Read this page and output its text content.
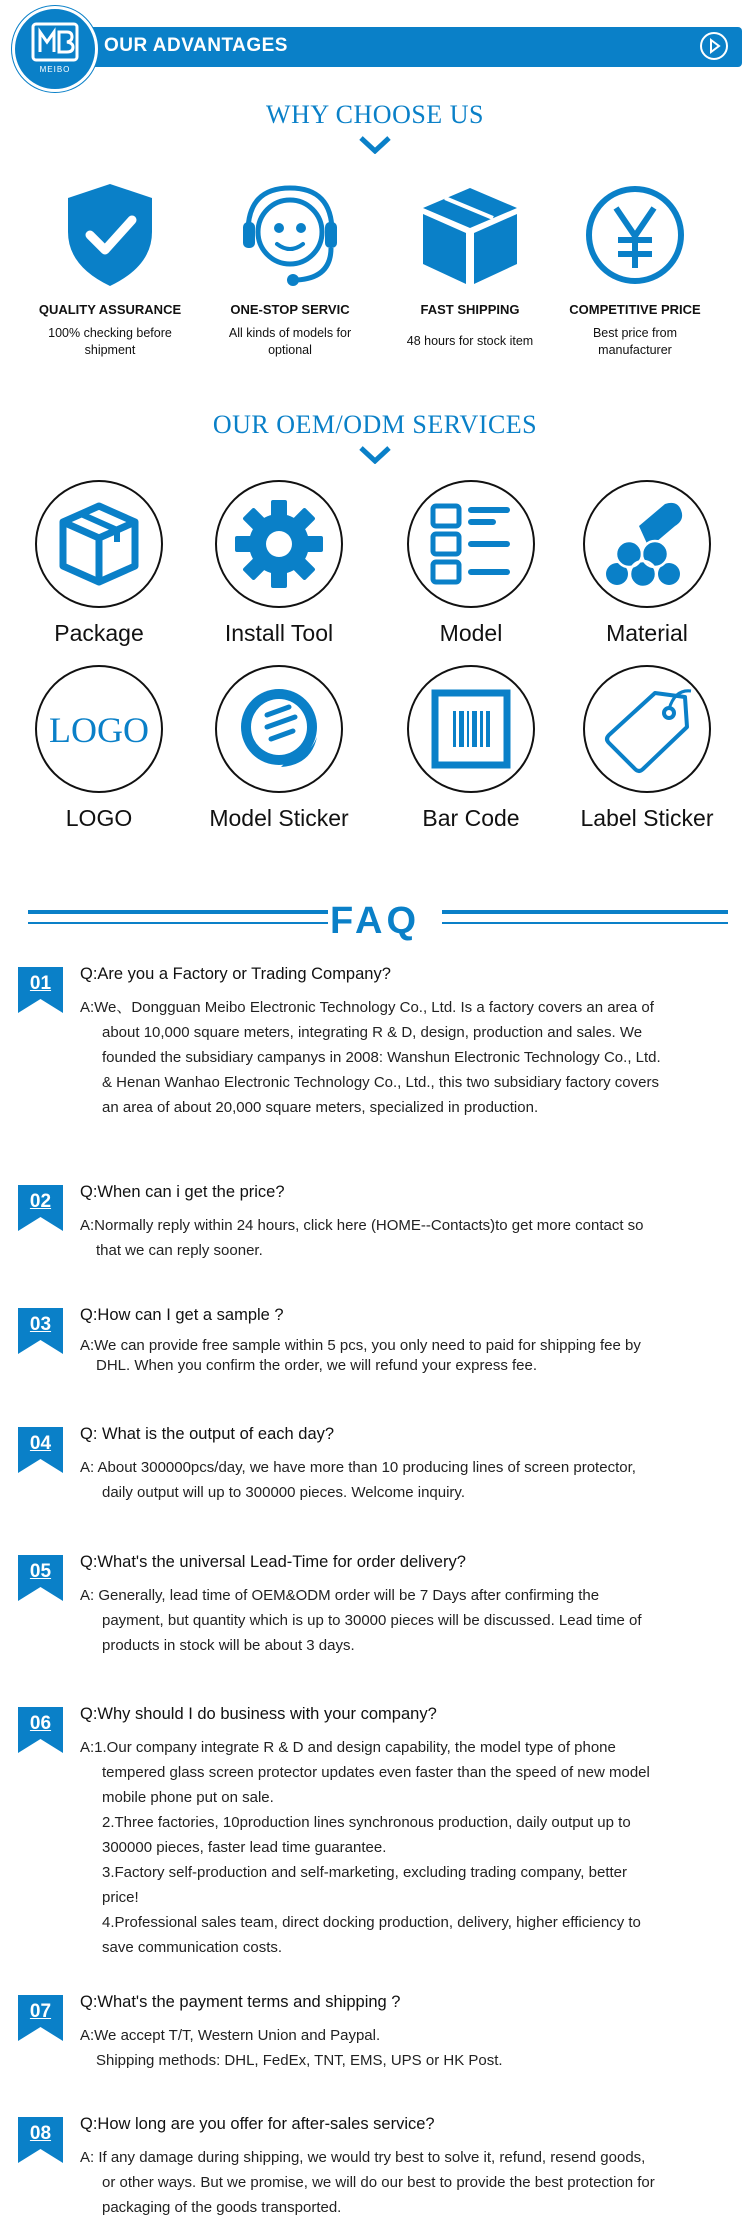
OUR ADVANTAGES
MEIBO
WHY CHOOSE US
QUALITY ASSURANCE
100% checking before shipment
ONE-STOP SERVIC
All kinds of models for optional
FAST SHIPPING
48 hours for stock item
COMPETITIVE PRICE
Best price from manufacturer
OUR OEM/ODM SERVICES
Package	Install Tool	Model	Material
LOGO
LOGO	Model Sticker	Bar Code	Label Sticker
FAQ
01	Q:Are you a Factory or Trading Company?

A:We、Dongguan Meibo Electronic Technology Co., Ltd. Is a factory covers an area of

about 10,000 square meters, integrating R & D, design, production and sales. We

founded the subsidiary campanys in 2008: Wanshun Electronic Technology Co., Ltd.

& Henan Wanhao Electronic Technology Co., Ltd., this two subsidiary factory covers

an area of about 20,000 square meters, specialized in production.

02	Q:When can i get the price?

A:Normally reply within 24 hours, click here (HOME--Contacts)to get more contact so

that we can reply sooner.

03	Q:How can I get a sample ?

A:We can provide free sample within 5 pcs, you only need to paid for shipping fee by

DHL. When you confirm the order, we will refund your express fee.

04	Q: What is the output of each day?

A: About 300000pcs/day, we have more than 10 producing lines of screen protector,

daily output will up to 300000 pieces. Welcome inquiry.

05	Q:What's the universal Lead-Time for order delivery?

A: Generally, lead time of OEM&ODM order will be 7 Days after confirming the

payment, but quantity which is up to 30000 pieces will be discussed. Lead time of

products in stock will be about 3 days.

06	Q:Why should I do business with your company?

A:1.Our company integrate R & D and design capability, the model type of phone

tempered glass screen protector updates even faster than the speed of new model

mobile phone put on sale.

2.Three factories, 10production lines synchronous production, daily output up to

300000 pieces, faster lead time guarantee.

3.Factory self-production and self-marketing, excluding trading company, better

price!

4.Professional sales team, direct docking production, delivery, higher efficiency to

save communication costs.

07	Q:What's the payment terms and shipping ?

A:We accept T/T, Western Union and Paypal.

Shipping methods: DHL, FedEx, TNT, EMS, UPS or HK Post.

08	Q:How long are you offer for after-sales service?

A: If any damage during shipping, we would try best to solve it, refund, resend goods,

or other ways. But we promise, we will do our best to provide the best protection for

packaging of the goods transported.
